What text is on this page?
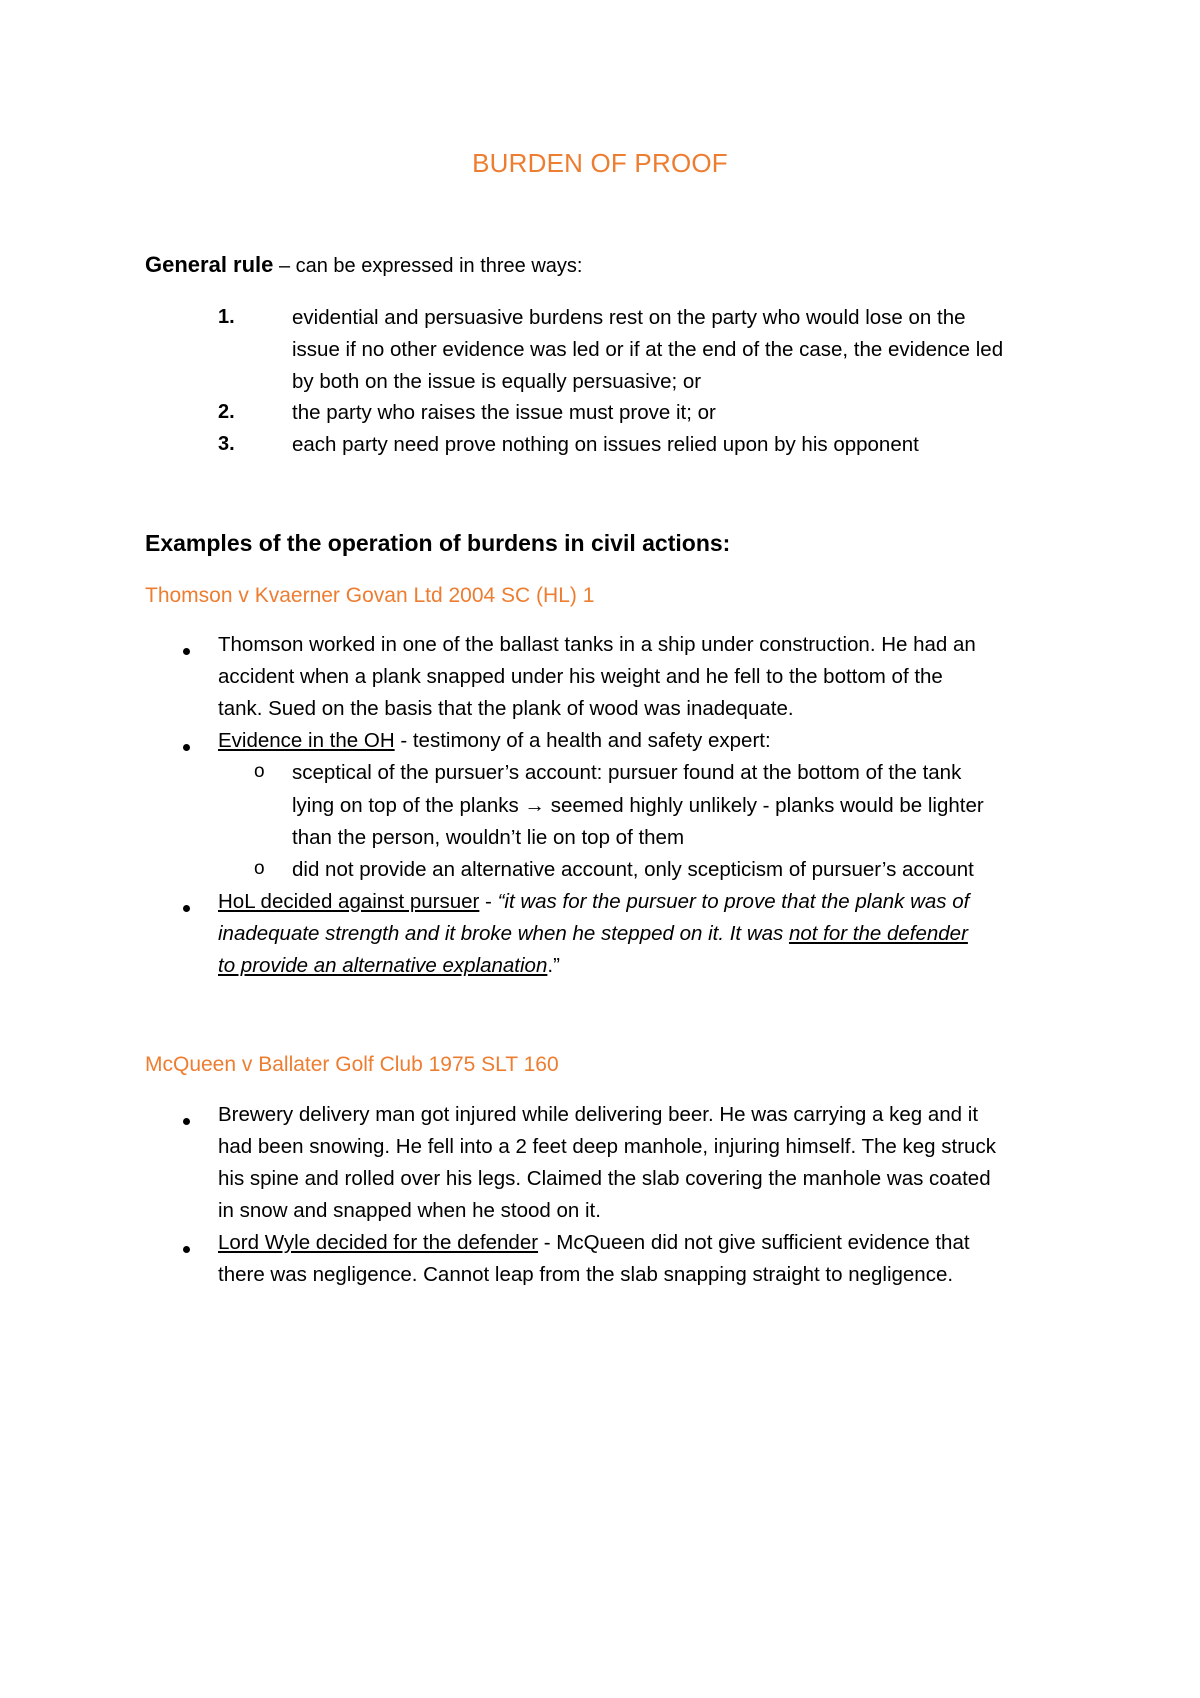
BURDEN OF PROOF
General rule – can be expressed in three ways:
1.	evidential and persuasive burdens rest on the party who would lose on the
issue if no other evidence was led or if at the end of the case, the evidence led
by both on the issue is equally persuasive; or
2.	the party who raises the issue must prove it; or
3.	each party need prove nothing on issues relied upon by his opponent
Examples of the operation of burdens in civil actions:
Thomson v Kvaerner Govan Ltd 2004 SC (HL) 1
Thomson worked in one of the ballast tanks in a ship under construction. He had an
accident when a plank snapped under his weight and he fell to the bottom of the
tank. Sued on the basis that the plank of wood was inadequate.
Evidence in the OH - testimony of a health and safety expert:
o sceptical of the pursuer’s account: pursuer found at the bottom of the tank
lying on top of the planks → seemed highly unlikely - planks would be lighter
than the person, wouldn’t lie on top of them
o did not provide an alternative account, only scepticism of pursuer’s account
HoL decided against pursuer - “it was for the pursuer to prove that the plank was of
inadequate strength and it broke when he stepped on it. It was not for the defender
to provide an alternative explanation.”
McQueen v Ballater Golf Club 1975 SLT 160
Brewery delivery man got injured while delivering beer. He was carrying a keg and it
had been snowing. He fell into a 2 feet deep manhole, injuring himself. The keg struck
his spine and rolled over his legs. Claimed the slab covering the manhole was coated
in snow and snapped when he stood on it.
Lord Wyle decided for the defender - McQueen did not give sufficient evidence that
there was negligence. Cannot leap from the slab snapping straight to negligence.
